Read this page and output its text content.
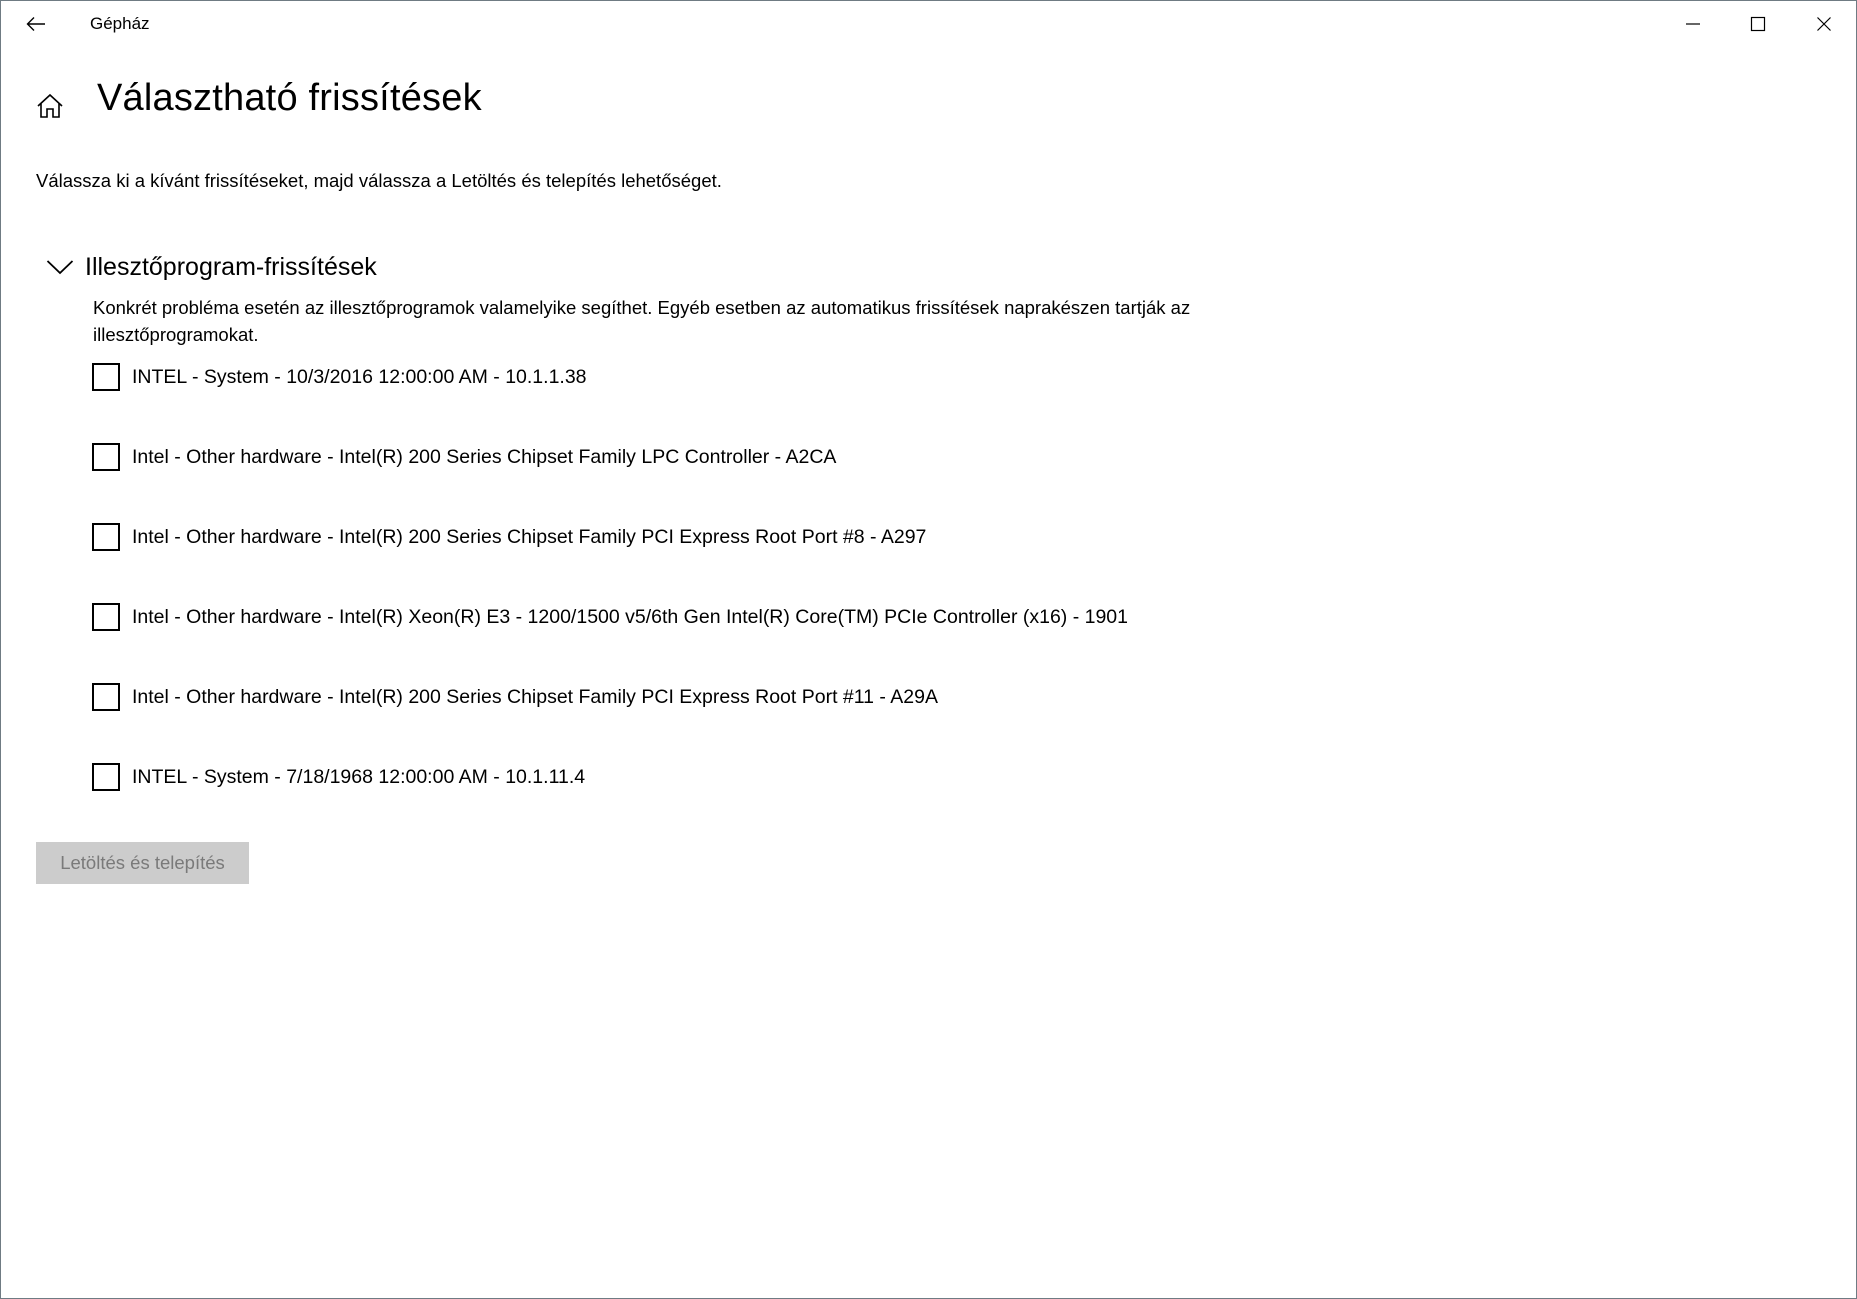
Gépház
Választható frissítések

Válassza ki a kívánt frissítéseket, majd válassza a Letöltés és telepítés lehetőséget.

Illesztőprogram-frissítések

Konkrét probléma esetén az illesztőprogramok valamelyike segíthet. Egyéb esetben az automatikus frissítések naprakészen tartják az illesztőprogramokat.

INTEL - System - 10/3/2016 12:00:00 AM - 10.1.1.38
Intel - Other hardware - Intel(R) 200 Series Chipset Family LPC Controller - A2CA
Intel - Other hardware - Intel(R) 200 Series Chipset Family PCI Express Root Port #8 - A297
Intel - Other hardware - Intel(R) Xeon(R) E3 - 1200/1500 v5/6th Gen Intel(R) Core(TM) PCIe Controller (x16) - 1901
Intel - Other hardware - Intel(R) 200 Series Chipset Family PCI Express Root Port #11 - A29A
INTEL - System - 7/18/1968 12:00:00 AM - 10.1.11.4
Letöltés és telepítés
